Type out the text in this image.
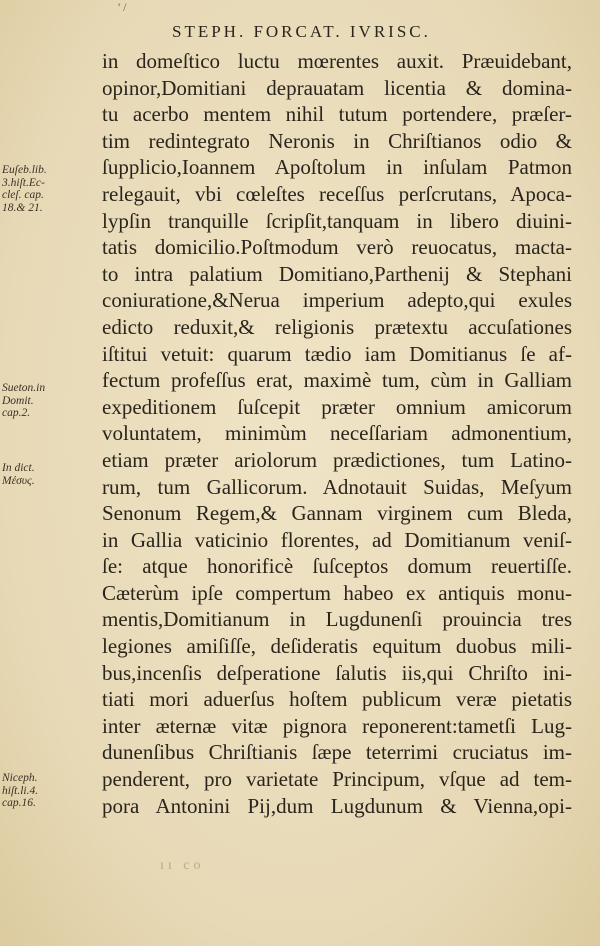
' /
STEPH. FORCAT. IVRISC.
in domeſtico luctu mœrentes auxit. Præuidebant,
opinor,Domitiani deprauatam licentia & domina-
tu acerbo mentem nihil tutum portendere, præſer-
tim redintegrato Neronis in Chriſtianos odio &
ſupplicio,Ioannem Apoſtolum in inſulam Patmon
relegauit, vbi cœleſtes receſſus perſcrutans, Apoca-
lypſin tranquille ſcripſit,tanquam in libero diuini-
tatis domicilio.Poſtmodum verò reuocatus, macta-
to intra palatium Domitiano,Parthenij & Stephani
coniuratione,&Nerua imperium adepto,qui exules
edicto reduxit,& religionis prætextu accuſationes
iſtitui vetuit: quarum tædio iam Domitianus ſe af-
fectum profeſſus erat, maximè tum, cùm in Galliam
expeditionem ſuſcepit præter omnium amicorum
voluntatem, minimùm neceſſariam admonentium,
etiam præter ariolorum prædictiones, tum Latino-
rum, tum Gallicorum. Adnotauit Suidas, Meſyum
Senonum Regem,& Gannam virginem cum Bleda,
in Gallia vaticinio florentes, ad Domitianum veniſ-
ſe: atque honorificè ſuſceptos domum reuertiſſe.
Cæterùm ipſe compertum habeo ex antiquis monu-
mentis,Domitianum in Lugdunenſi prouincia tres
legiones amiſiſſe, deſideratis equitum duobus mili-
bus,incenſis deſperatione ſalutis iis,qui Chriſto ini-
tiati mori aduerſus hoſtem publicum veræ pietatis
inter æternæ vitæ pignora reponerent:tametſi Lug-
dunenſibus Chriſtianis ſæpe teterrimi cruciatus im-
penderent, pro varietate Principum, vſque ad tem-
pora Antonini Pij,dum Lugdunum & Vienna,opi-
Euſeb.lib.
3.hiſt.Ec-
cleſ. cap.
18.& 21.
Sueton.in
Domit.
cap.2.
In dict.
Μέσυς.
Niceph.
hiſt.li.4.
cap.16.
ıı co
